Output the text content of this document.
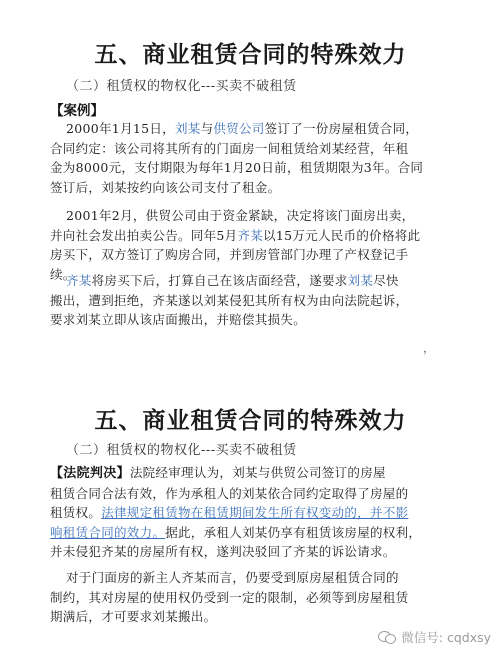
五、商业租赁合同的特殊效力
（二）租赁权的物权化---买卖不破租赁
【案例】
2000年1月15日，刘某与供贸公司签订了一份房屋租赁合同，
合同约定：该公司将其所有的门面房一间租赁给刘某经营，年租
金为8000元，支付期限为每年1月20日前，租赁期限为3年。合同
签订后，刘某按约向该公司支付了租金。
2001年2月，供贸公司由于资金紧缺，决定将该门面房出卖，
并向社会发出拍卖公告。同年5月齐某以15万元人民币的价格将此
房买下，双方签订了购房合同，并到房管部门办理了产权登记手
续。
齐某将房买下后，打算自己在该店面经营，遂要求刘某尽快
搬出，遭到拒绝，齐某遂以刘某侵犯其所有权为由向法院起诉，
要求刘某立即从该店面搬出，并赔偿其损失。
，
五、商业租赁合同的特殊效力
（二）租赁权的物权化---买卖不破租赁
【法院判决】法院经审理认为，刘某与供贸公司签订的房屋
租赁合同合法有效，作为承租人的刘某依合同约定取得了房屋的
租赁权。法律规定租赁物在租赁期间发生所有权变动的，并不影
响租赁合同的效力。据此，承租人刘某仍享有租赁该房屋的权利，
并未侵犯齐某的房屋所有权，遂判决驳回了齐某的诉讼请求。
对于门面房的新主人齐某而言，仍要受到原房屋租赁合同的
制约，其对房屋的使用权仍受到一定的限制，必须等到房屋租赁
期满后，才可要求刘某搬出。
微信号: cqdxsy
